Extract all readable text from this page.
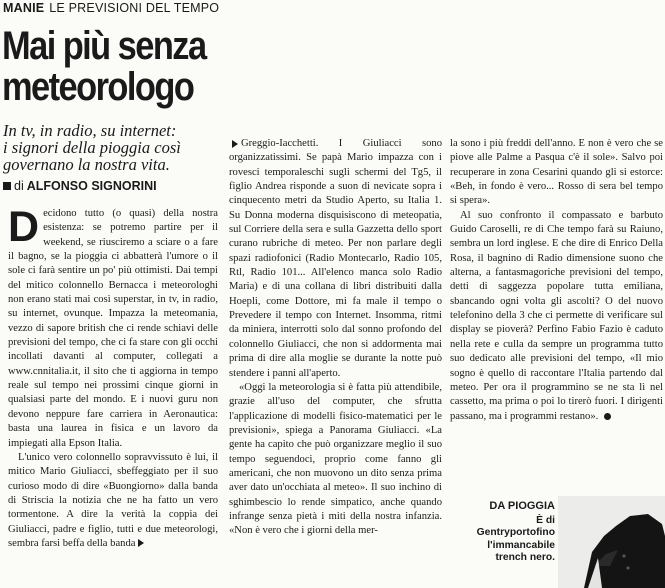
MANIE LE PREVISIONI DEL TEMPO
Mai più senza
meteorologo
In tv, in radio, su internet:
i signori della pioggia così
governano la nostra vita.
di ALFONSO SIGNORINI

Decidono tutto (o quasi) della nostra esistenza: se potremo partire per il weekend, se riusciremo a sciare o a fare il bagno, se la pioggia ci abbatterà l'umore o il sole ci farà sentire un po' più ottimisti. Dai tempi del mitico colonnello Bernacca i meteorologhi non erano stati mai così superstar, in tv, in radio, su internet, ovunque. Impazza la meteomania, vezzo di sapore british che ci rende schiavi delle previsioni del tempo, che ci fa stare con gli occhi incollati davanti al computer, collegati a www.cnnitalia.it, il sito che ti aggiorna in tempo reale sul tempo nei prossimi cinque giorni in qualsiasi parte del mondo. E i nuovi guru non devono neppure fare carriera in Aeronautica: basta una laurea in fisica e un lavoro da impiegati alla Epson Italia.

L'unico vero colonnello sopravvissuto è lui, il mitico Mario Giuliacci, sbeffeggiato per il suo curioso modo di dire «Buongiorno» dalla banda di Striscia la notizia che ne ha fatto un vero tormentone. A dire la verità la coppia dei Giuliacci, padre e figlio, tutti e due meteorologi, sembra farsi beffa della banda

Greggio-Iacchetti. I Giuliacci sono organizzatissimi. Se papà Mario impazza con i rovesci temporaleschi sugli schermi del Tg5, il figlio Andrea risponde a suon di nevicate sopra i cinquecento metri da Studio Aperto, su Italia 1. Su Donna moderna disquisiscono di meteopatia, sul Corriere della sera e sulla Gazzetta dello sport curano rubriche di meteo. Per non parlare degli spazi radiofonici (Radio Montecarlo, Radio 105, Rtl, Radio 101... All'elenco manca solo Radio Maria) e di una collana di libri distribuiti dalla Hoepli, come Dottore, mi fa male il tempo o Prevedere il tempo con Internet. Insomma, ritmi da miniera, interrotti solo dal sonno profondo del colonnello Giuliacci, che non si addormenta mai prima di dire alla moglie se durante la notte può stendere i panni all'aperto.

«Oggi la meteorologia si è fatta più attendibile, grazie all'uso del computer, che sfrutta l'applicazione di modelli fisico-matematici per le previsioni», spiega a Panorama Giuliacci. «La gente ha capito che può organizzare meglio il suo tempo seguendoci, proprio come fanno gli americani, che non muovono un dito senza prima aver dato un'occhiata al meteo». Il suo inchino di sghimbescio lo rende simpatico, anche quando infrange senza pietà i miti della nostra infanzia. «Non è vero che i giorni della mer-

la sono i più freddi dell'anno. E non è vero che se piove alle Palme a Pasqua c'è il sole». Salvo poi recuperare in zona Cesarini quando gli si estorce: «Beh, in fondo è vero... Rosso di sera bel tempo si spera».

Al suo confronto il compassato e barbuto Guido Caroselli, re di Che tempo farà su Raiuno, sembra un lord inglese. E che dire di Enrico Della Rosa, il bagnino di Radio dimensione suono che alterna, a fantasmagoriche previsioni del tempo, detti di saggezza popolare tutta emiliana, sbancando ogni volta gli ascolti? O del nuovo telefonino della 3 che ci permette di verificare sul display se pioverà? Perfino Fabio Fazio è caduto nella rete e culla da sempre un programma tutto suo dedicato alle previsioni del tempo, «Il mio sogno è quello di raccontare l'Italia partendo dal meteo. Per ora il programmino se ne sta lì nel cassetto, ma prima o poi lo tirerò fuori. I dirigenti passano, ma i programmi restano».

DA PIOGGIA
È di
Gentryportofino
l'immancabile
trench nero.
